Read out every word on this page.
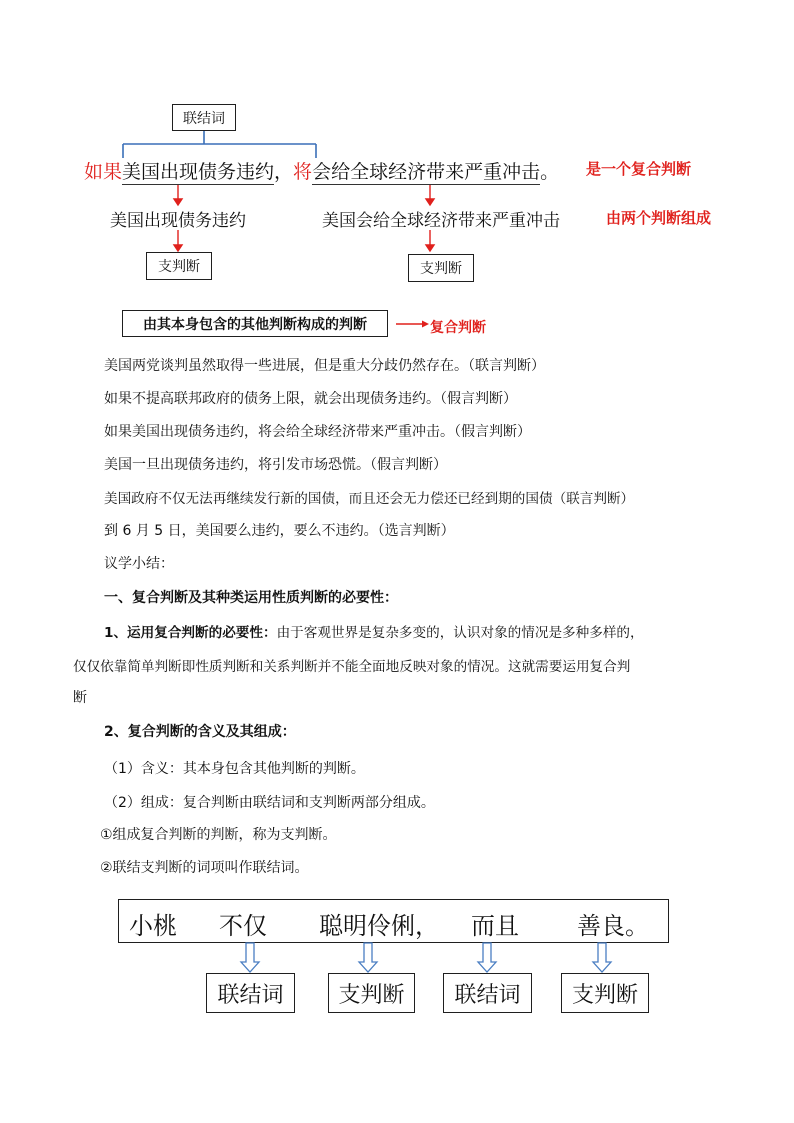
联结词
如果美国出现债务违约，将会给全球经济带来严重冲击。 是一个复合判断
美国出现债务违约	美国会给全球经济带来严重冲击	由两个判断组成
支判断	支判断
由其本身包含的其他判断构成的判断	复合判断
美国两党谈判虽然取得一些进展，但是重大分歧仍然存在。（联言判断）
如果不提高联邦政府的债务上限，就会出现债务违约。（假言判断）
如果美国出现债务违约，将会给全球经济带来严重冲击。（假言判断）
美国一旦出现债务违约，将引发市场恐慌。（假言判断）
美国政府不仅无法再继续发行新的国债，而且还会无力偿还已经到期的国债（联言判断）
到 6 月 5 日，美国要么违约，要么不违约。（选言判断）
议学小结：
一、复合判断及其种类运用性质判断的必要性：
1、运用复合判断的必要性：由于客观世界是复杂多变的，认识对象的情况是多种多样的，
仅仅依靠简单判断即性质判断和关系判断并不能全面地反映对象的情况。这就需要运用复合判
断
2、复合判断的含义及其组成：
（1）含义：其本身包含其他判断的判断。
（2）组成：复合判断由联结词和支判断两部分组成。
①组成复合判断的判断，称为支判断。
②联结支判断的词项叫作联结词。
小桃 不仅 聪明伶俐， 而且 善良。
联结词 支判断 联结词 支判断
